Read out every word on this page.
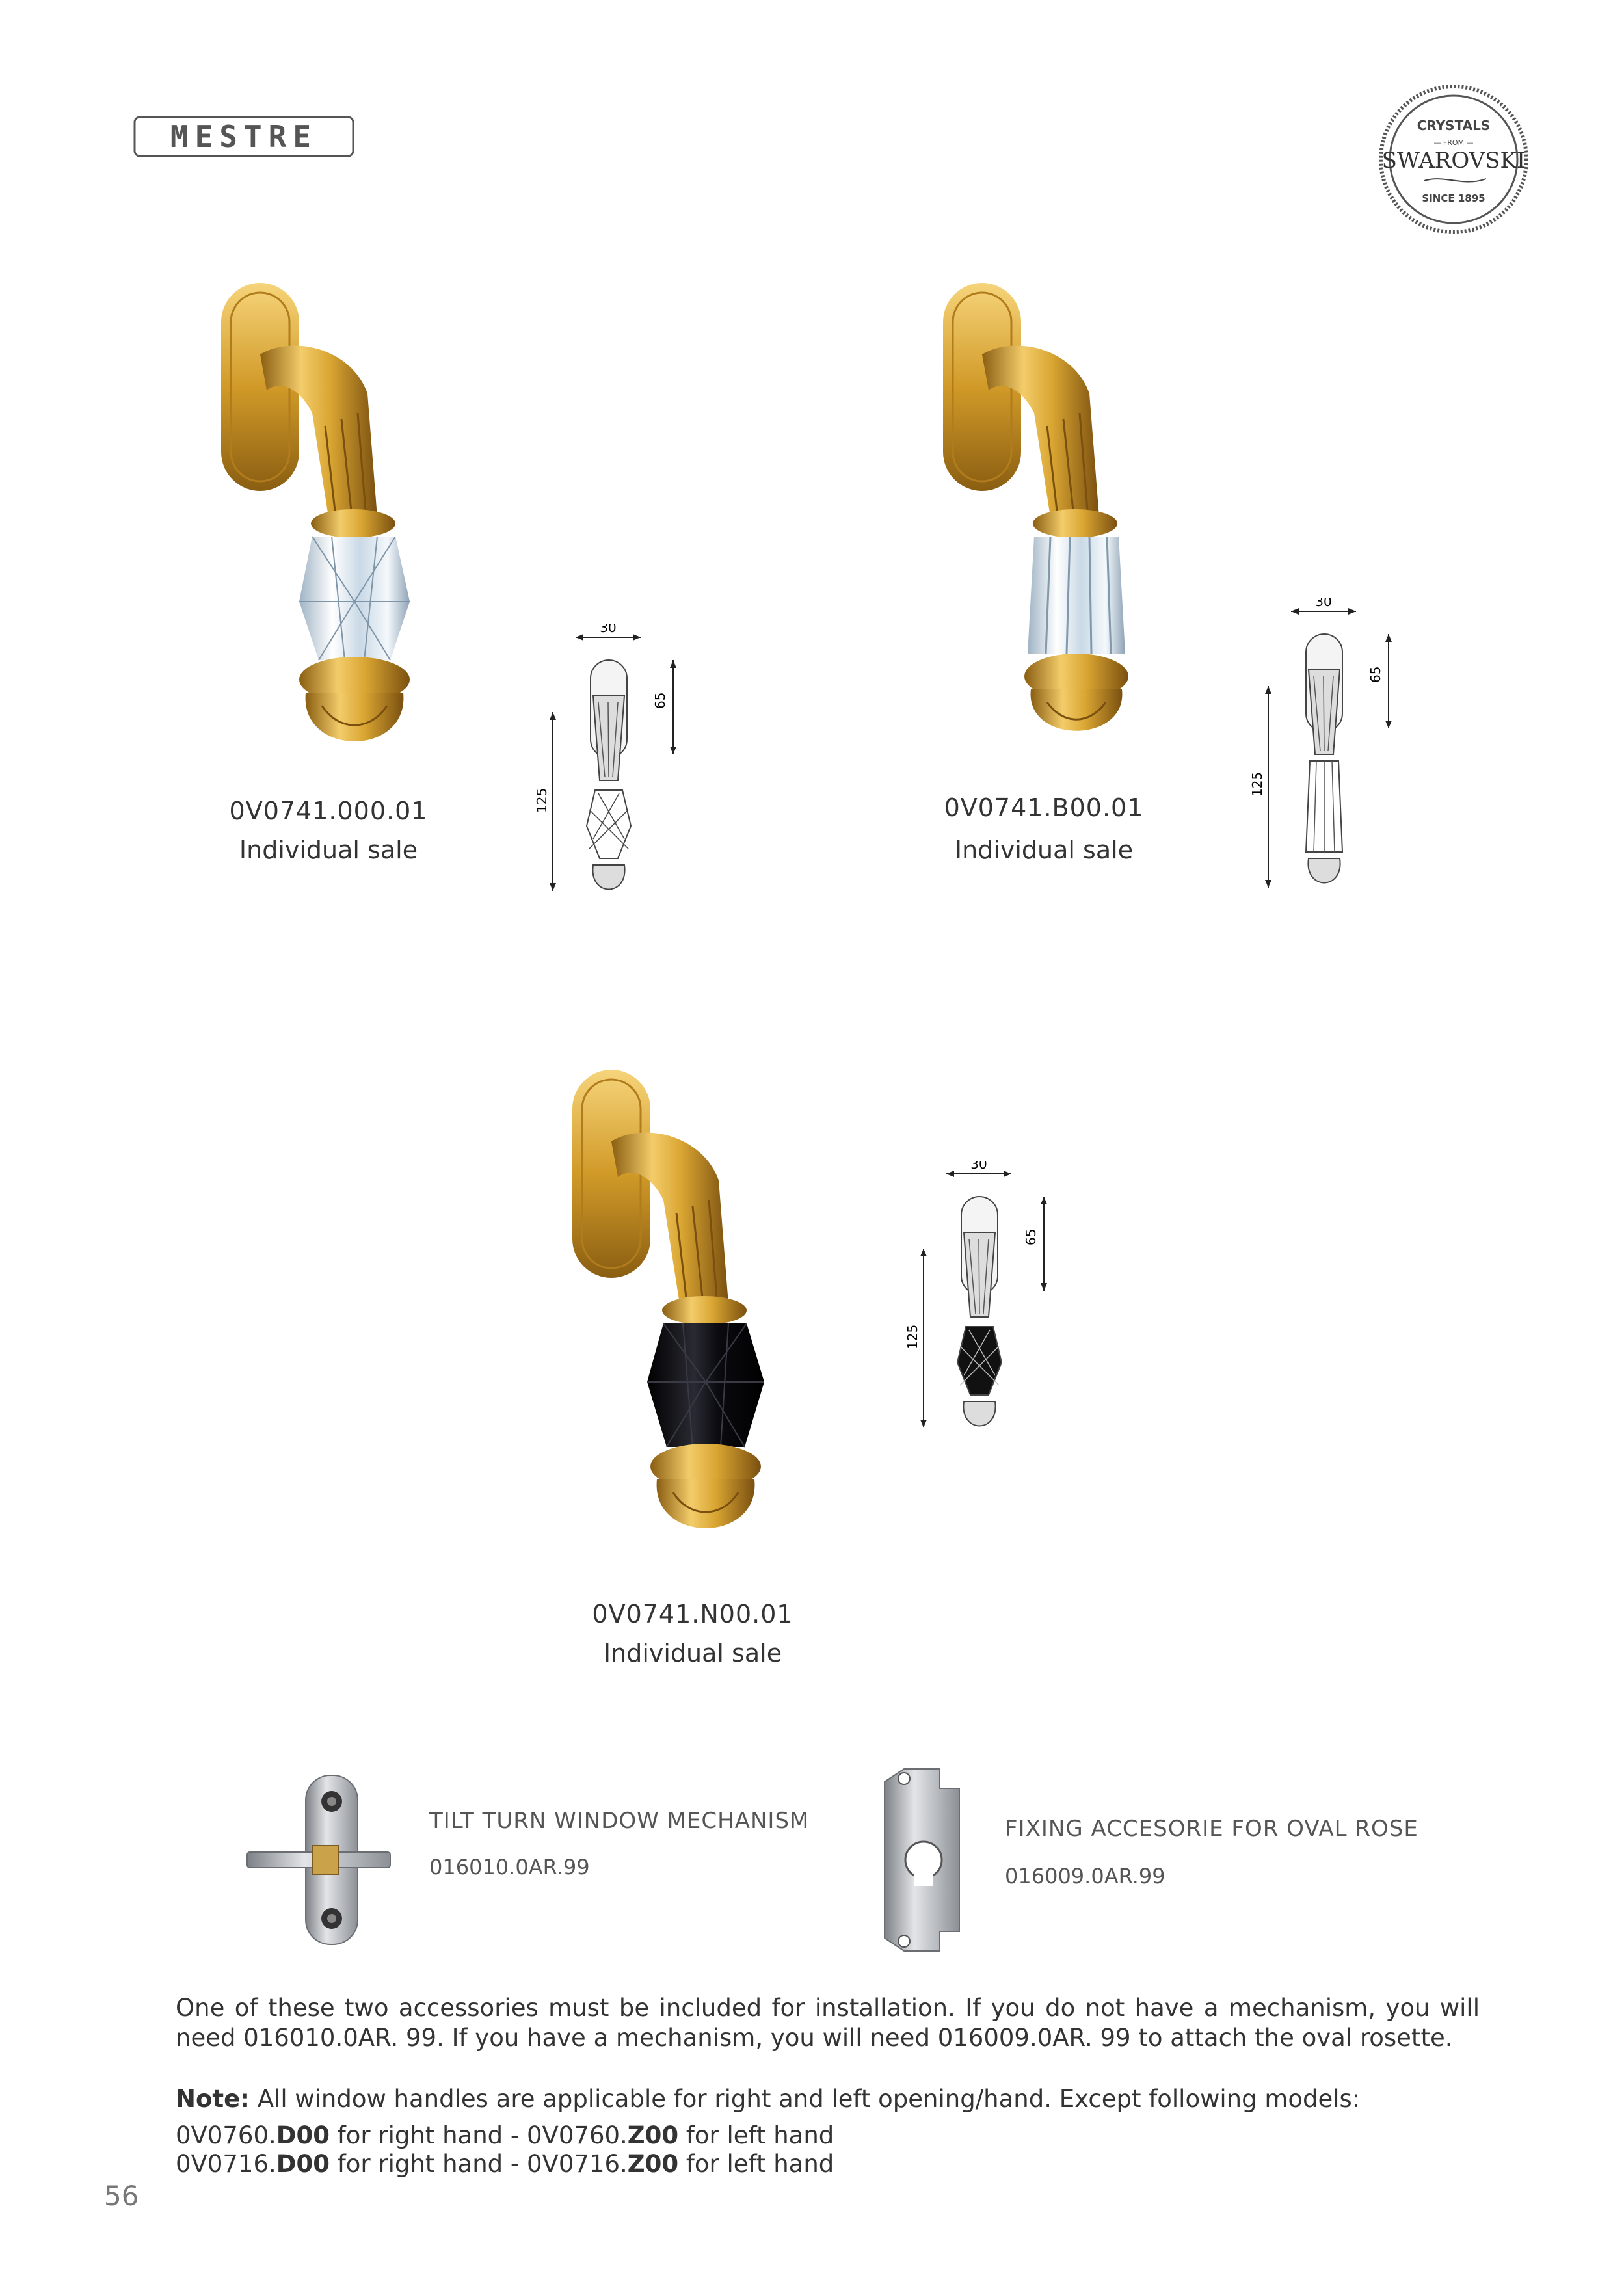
MESTRE	CRYSTALS
— FROM —
SWAROVSKI
SINCE 1895
30
65
125
0V0741.000.01
Individual sale
30
65
125
0V0741.B00.01
Individual sale
30
65
125
0V0741.N00.01
Individual sale
TILT TURN WINDOW MECHANISM
016010.0AR.99
FIXING ACCESORIE FOR OVAL ROSE
016009.0AR.99
One of these two accessories must be included for installation. If you do not have a mechanism, you will need 016010.0AR. 99. If you have a mechanism, you will need 016009.0AR. 99 to attach the oval rosette.
Note: All window handles are applicable for right and left opening/hand. Except following models:
0V0760.D00 for right hand - 0V0760.Z00 for left hand
0V0716.D00 for right hand - 0V0716.Z00 for left hand
56
